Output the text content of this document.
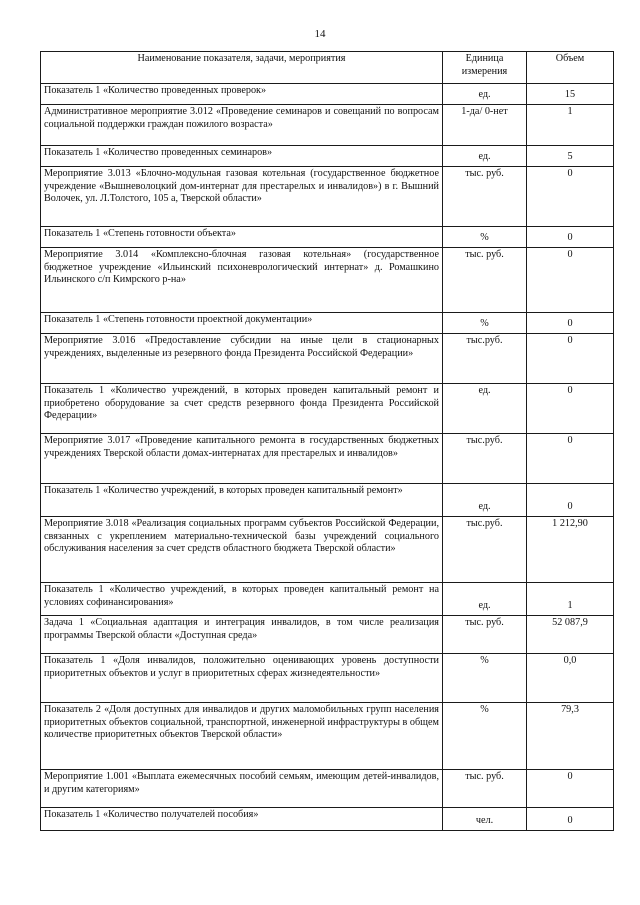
14
Наименование показателя, задачи, мероприятия	Единица измерения	Объем
Показатель 1 «Количество проведенных проверок»	ед.	15
Административное мероприятие 3.012 «Проведение семинаров и совещаний по вопросам социальной поддержки граждан пожилого возраста»	1-да/ 0-нет	1
Показатель 1 «Количество проведенных семинаров»	ед.	5
Мероприятие 3.013 «Блочно-модульная газовая котельная (государственное бюджетное учреждение «Вышневолоцкий дом-интернат для престарелых и инвалидов») в г. Вышний Волочек, ул. Л.Толстого, 105 а, Тверской области»	тыс. руб.	0
Показатель 1 «Степень готовности объекта»	%	0
Мероприятие 3.014 «Комплексно-блочная газовая котельная» (государственное бюджетное учреждение «Ильинский психоневрологический интернат» д. Ромашкино Ильинского с/п Кимрского р-на»	тыс. руб.	0
Показатель 1 «Степень готовности проектной документации»	%	0
Мероприятие 3.016 «Предоставление субсидии на иные цели в стационарных учреждениях, выделенные из резервного фонда Президента Российской Федерации»	тыс.руб.	0
Показатель 1 «Количество учреждений, в которых проведен капитальный ремонт и приобретено оборудование за счет средств резервного фонда Президента Российской Федерации»	ед.	0
Мероприятие 3.017 «Проведение капитального ремонта в государственных бюджетных учреждениях Тверской области домах-интернатах для престарелых и инвалидов»	тыс.руб.	0
Показатель 1 «Количество учреждений, в которых проведен капитальный ремонт»	ед.	0
Мероприятие 3.018 «Реализация социальных программ субъектов Российской Федерации, связанных с укреплением материально-технической базы учреждений социального обслуживания населения за счет средств областного бюджета Тверской области»	тыс.руб.	1 212,90
Показатель 1 «Количество учреждений, в которых проведен капитальный ремонт на условиях софинансирования»	ед.	1
Задача 1 «Социальная адаптация и интеграция инвалидов, в том числе реализация программы Тверской области «Доступная среда»	тыс. руб.	52 087,9
Показатель 1 «Доля инвалидов, положительно оценивающих уровень доступности приоритетных объектов и услуг в приоритетных сферах жизнедеятельности»	%	0,0
Показатель 2 «Доля доступных для инвалидов и других маломобильных групп населения приоритетных объектов социальной, транспортной, инженерной инфраструктуры в общем количестве приоритетных объектов Тверской области»	%	79,3
Мероприятие 1.001 «Выплата ежемесячных пособий семьям, имеющим детей-инвалидов, и другим категориям»	тыс. руб.	0
Показатель 1 «Количество получателей пособия»	чел.	0
